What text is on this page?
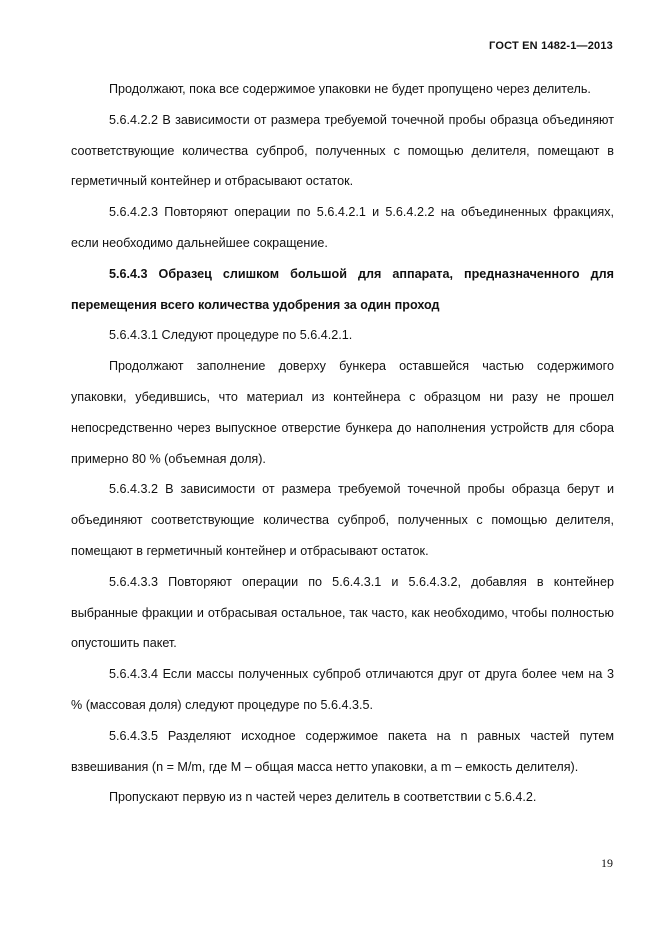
ГОСТ EN 1482-1—2013

Продолжают, пока все содержимое упаковки не будет пропущено через делитель.

5.6.4.2.2 В зависимости от размера требуемой точечной пробы образца объединяют соответствующие количества субпроб, полученных с помощью делителя, помещают в герметичный контейнер и отбрасывают остаток.

5.6.4.2.3 Повторяют операции по 5.6.4.2.1 и 5.6.4.2.2 на объединенных фракциях, если необходимо дальнейшее сокращение.

5.6.4.3 Образец слишком большой для аппарата, предназначенного для перемещения всего количества удобрения за один проход

5.6.4.3.1 Следуют процедуре по 5.6.4.2.1.

Продолжают заполнение доверху бункера оставшейся частью содержимого упаковки, убедившись, что материал из контейнера с образцом ни разу не прошел непосредственно через выпускное отверстие бункера до наполнения устройств для сбора примерно 80 % (объемная доля).

5.6.4.3.2 В зависимости от размера требуемой точечной пробы образца берут и объединяют соответствующие количества субпроб, полученных с помощью делителя, помещают в герметичный контейнер и отбрасывают остаток.

5.6.4.3.3 Повторяют операции по 5.6.4.3.1 и 5.6.4.3.2, добавляя в контейнер выбранные фракции и отбрасывая остальное, так часто, как необходимо, чтобы полностью опустошить пакет.

5.6.4.3.4 Если массы полученных субпроб отличаются друг от друга более чем на 3 % (массовая доля) следуют процедуре по 5.6.4.3.5.

5.6.4.3.5 Разделяют исходное содержимое пакета на n равных частей путем взвешивания (n = M/m, где M – общая масса нетто упаковки, а m – емкость делителя).

Пропускают первую из n частей через делитель в соответствии с 5.6.4.2.

19
